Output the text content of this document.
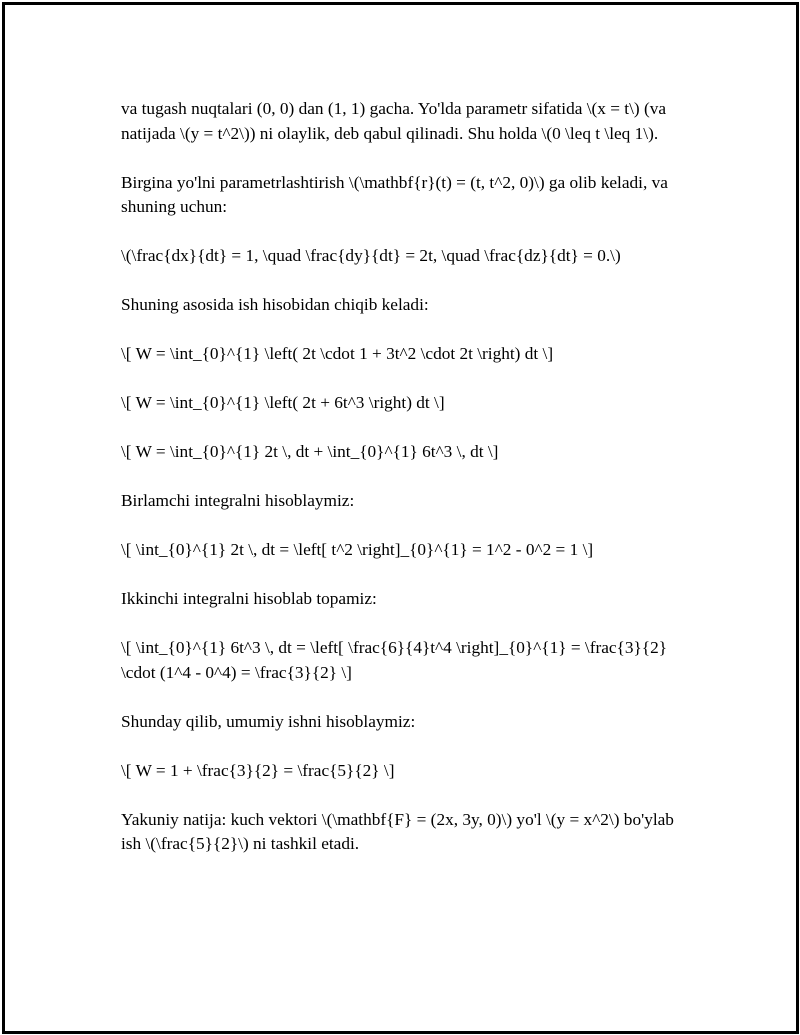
va tugash nuqtalari (0, 0) dan (1, 1) gacha. Yo'lda parametr sifatida \(x = t\) (va natijada \(y = t^2\)) ni olaylik, deb qabul qilinadi. Shu holda \(0 \leq t \leq 1\).

Birgina yo'lni parametrlashtirish \(\mathbf{r}(t) = (t, t^2, 0)\) ga olib keladi, va shuning uchun:

\(\frac{dx}{dt} = 1, \quad \frac{dy}{dt} = 2t, \quad \frac{dz}{dt} = 0.\)

Shuning asosida ish hisobidan chiqib keladi:

\[ W = \int_{0}^{1} \left( 2t \cdot 1 + 3t^2 \cdot 2t \right) dt \]

\[ W = \int_{0}^{1} \left( 2t + 6t^3 \right) dt \]

\[ W = \int_{0}^{1} 2t \, dt + \int_{0}^{1} 6t^3 \, dt \]

Birlamchi integralni hisoblaymiz:

\[ \int_{0}^{1} 2t \, dt = \left[ t^2 \right]_{0}^{1} = 1^2 - 0^2 = 1 \]

Ikkinchi integralni hisoblab topamiz:

\[ \int_{0}^{1} 6t^3 \, dt = \left[ \frac{6}{4}t^4 \right]_{0}^{1} = \frac{3}{2} \cdot (1^4 - 0^4) = \frac{3}{2} \]

Shunday qilib, umumiy ishni hisoblaymiz:

\[ W = 1 + \frac{3}{2} = \frac{5}{2} \]

Yakuniy natija: kuch vektori \(\mathbf{F} = (2x, 3y, 0)\) yo'l \(y = x^2\) bo'ylab ish \(\frac{5}{2}\) ni tashkil etadi.
